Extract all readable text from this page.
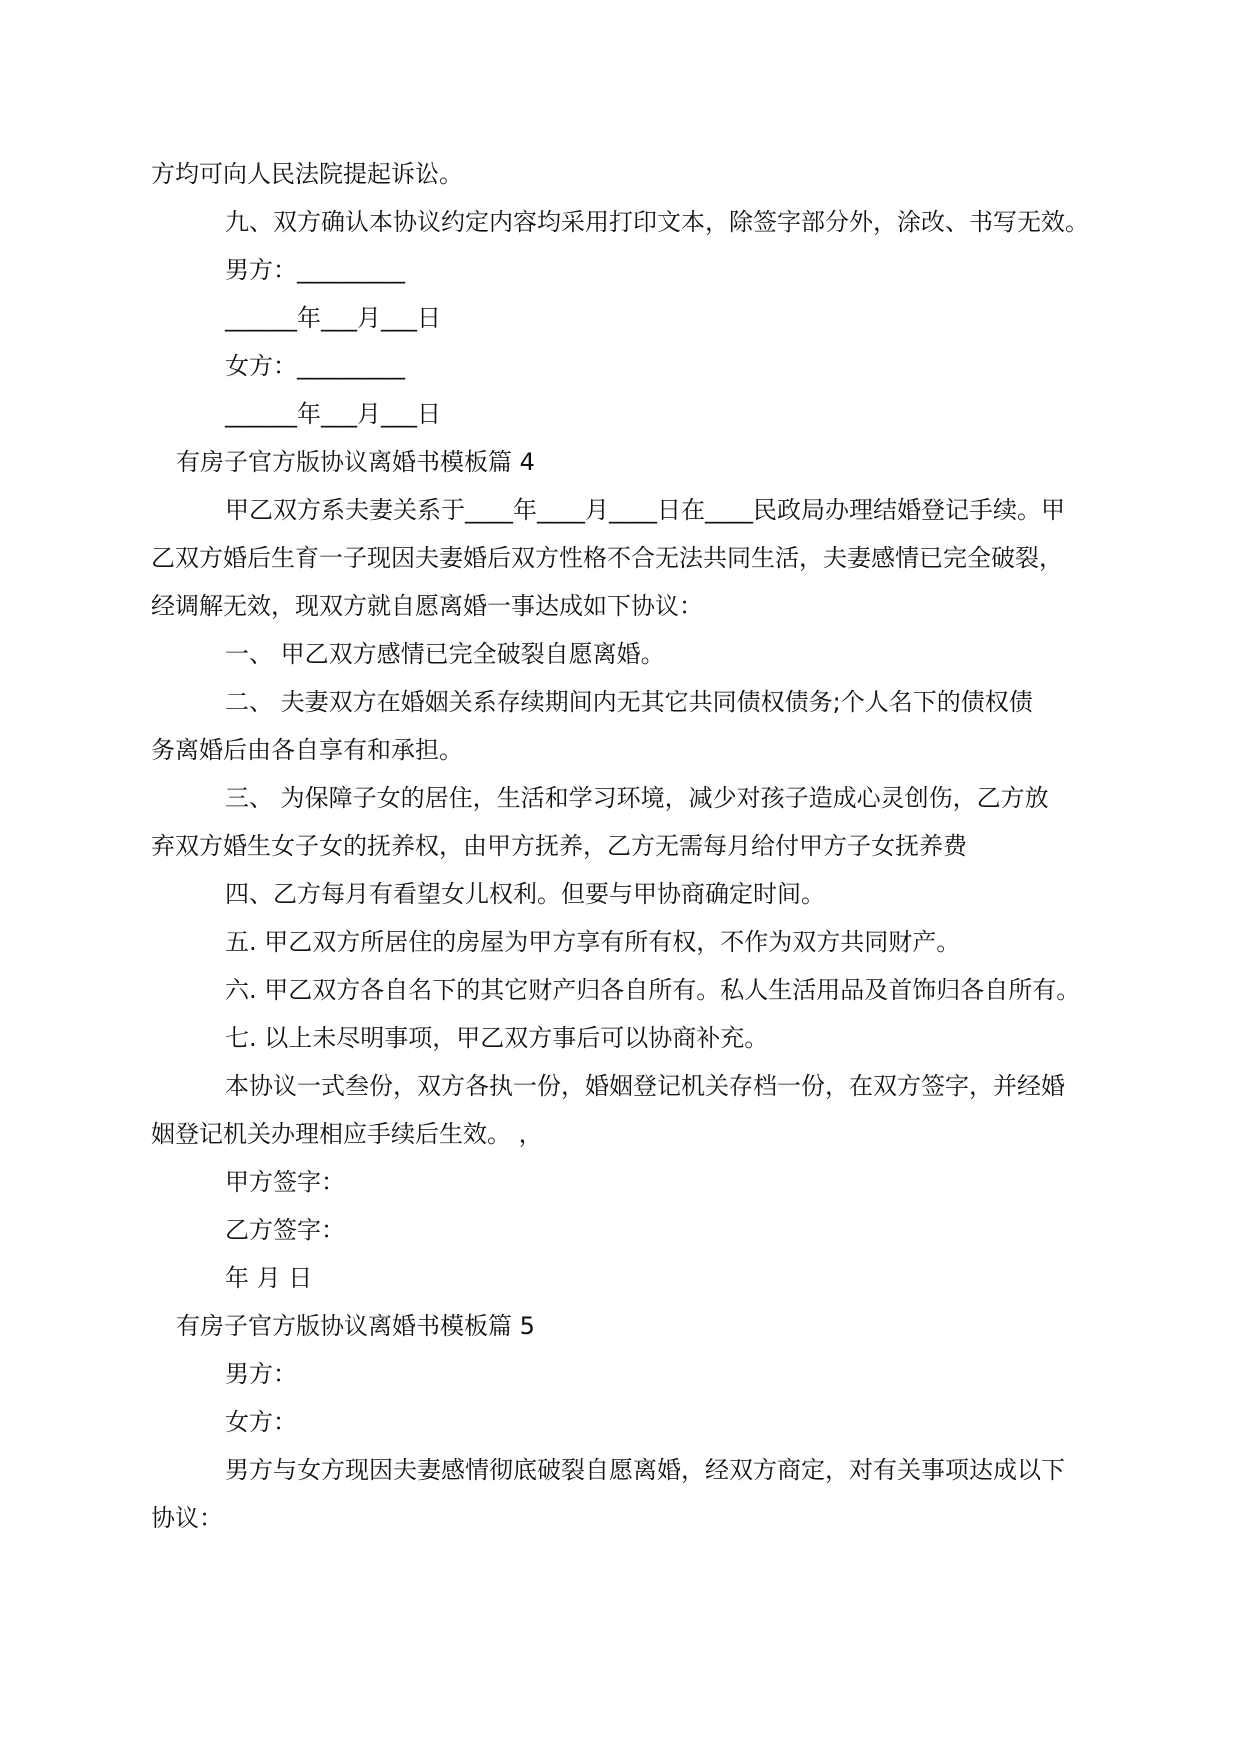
方均可向人民法院提起诉讼。
九、双方确认本协议约定内容均采用打印文本，除签字部分外，涂改、书写无效。
男方：_________
______年___月___日
女方：_________
______年___月___日
有房子官方版协议离婚书模板篇 4
甲乙双方系夫妻关系于____年____月____日在____民政局办理结婚登记手续。甲
乙双方婚后生育一子现因夫妻婚后双方性格不合无法共同生活，夫妻感情已完全破裂，
经调解无效，现双方就自愿离婚一事达成如下协议：
一、 甲乙双方感情已完全破裂自愿离婚。
二、 夫妻双方在婚姻关系存续期间内无其它共同债权债务;个人名下的债权债
务离婚后由各自享有和承担。
三、 为保障子女的居住，生活和学习环境，减少对孩子造成心灵创伤，乙方放
弃双方婚生女子女的抚养权，由甲方抚养，乙方无需每月给付甲方子女抚养费
四、乙方每月有看望女儿权利。但要与甲协商确定时间。
五. 甲乙双方所居住的房屋为甲方享有所有权，不作为双方共同财产。
六. 甲乙双方各自名下的其它财产归各自所有。私人生活用品及首饰归各自所有。
七. 以上未尽明事项，甲乙双方事后可以协商补充。
本协议一式叁份，双方各执一份，婚姻登记机关存档一份，在双方签字，并经婚
姻登记机关办理相应手续后生效。 ，
甲方签字：
乙方签字：
年 月 日
有房子官方版协议离婚书模板篇 5
男方：
女方：
男方与女方现因夫妻感情彻底破裂自愿离婚，经双方商定，对有关事项达成以下
协议：
